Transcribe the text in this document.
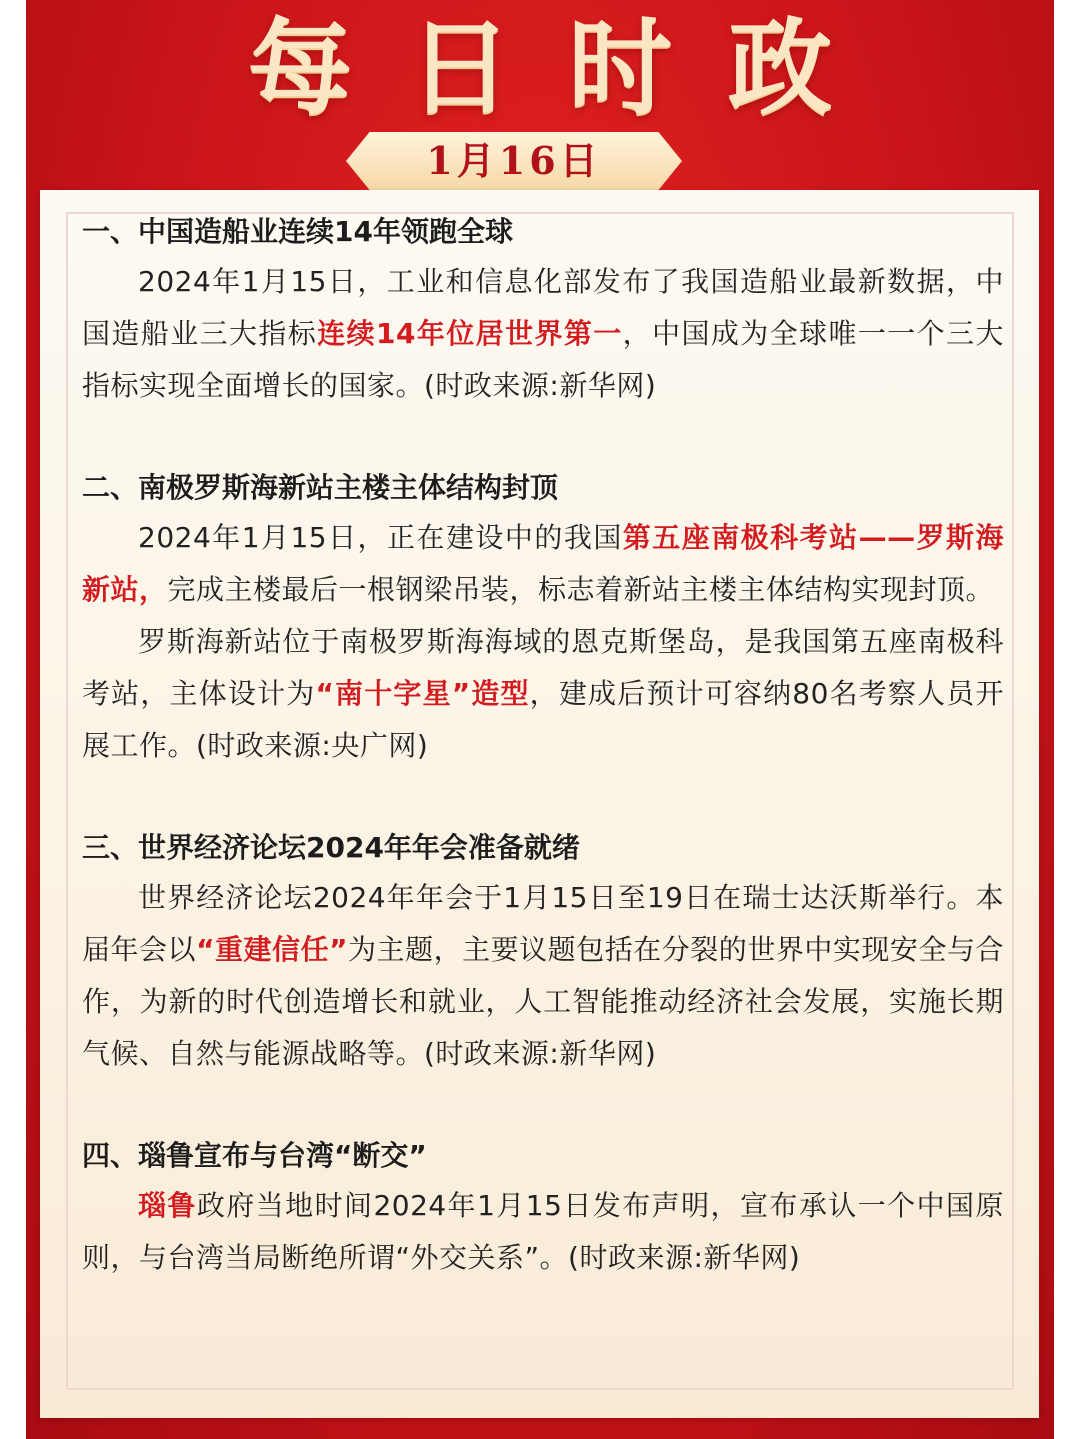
每日时政
1月16日
一、中国造船业连续14年领跑全球
2024年1月15日，工业和信息化部发布了我国造船业最新数据，中国造船业三大指标连续14年位居世界第一，中国成为全球唯一一个三大指标实现全面增长的国家。(时政来源:新华网)
二、南极罗斯海新站主楼主体结构封顶
2024年1月15日，正在建设中的我国第五座南极科考站——罗斯海新站，完成主楼最后一根钢梁吊装，标志着新站主楼主体结构实现封顶。
罗斯海新站位于南极罗斯海海域的恩克斯堡岛，是我国第五座南极科考站，主体设计为“南十字星”造型，建成后预计可容纳80名考察人员开展工作。(时政来源:央广网)
三、世界经济论坛2024年年会准备就绪
世界经济论坛2024年年会于1月15日至19日在瑞士达沃斯举行。本届年会以“重建信任”为主题，主要议题包括在分裂的世界中实现安全与合作，为新的时代创造增长和就业，人工智能推动经济社会发展，实施长期气候、自然与能源战略等。(时政来源:新华网)
四、瑙鲁宣布与台湾“断交”
瑙鲁政府当地时间2024年1月15日发布声明，宣布承认一个中国原则，与台湾当局断绝所谓“外交关系”。(时政来源:新华网)
